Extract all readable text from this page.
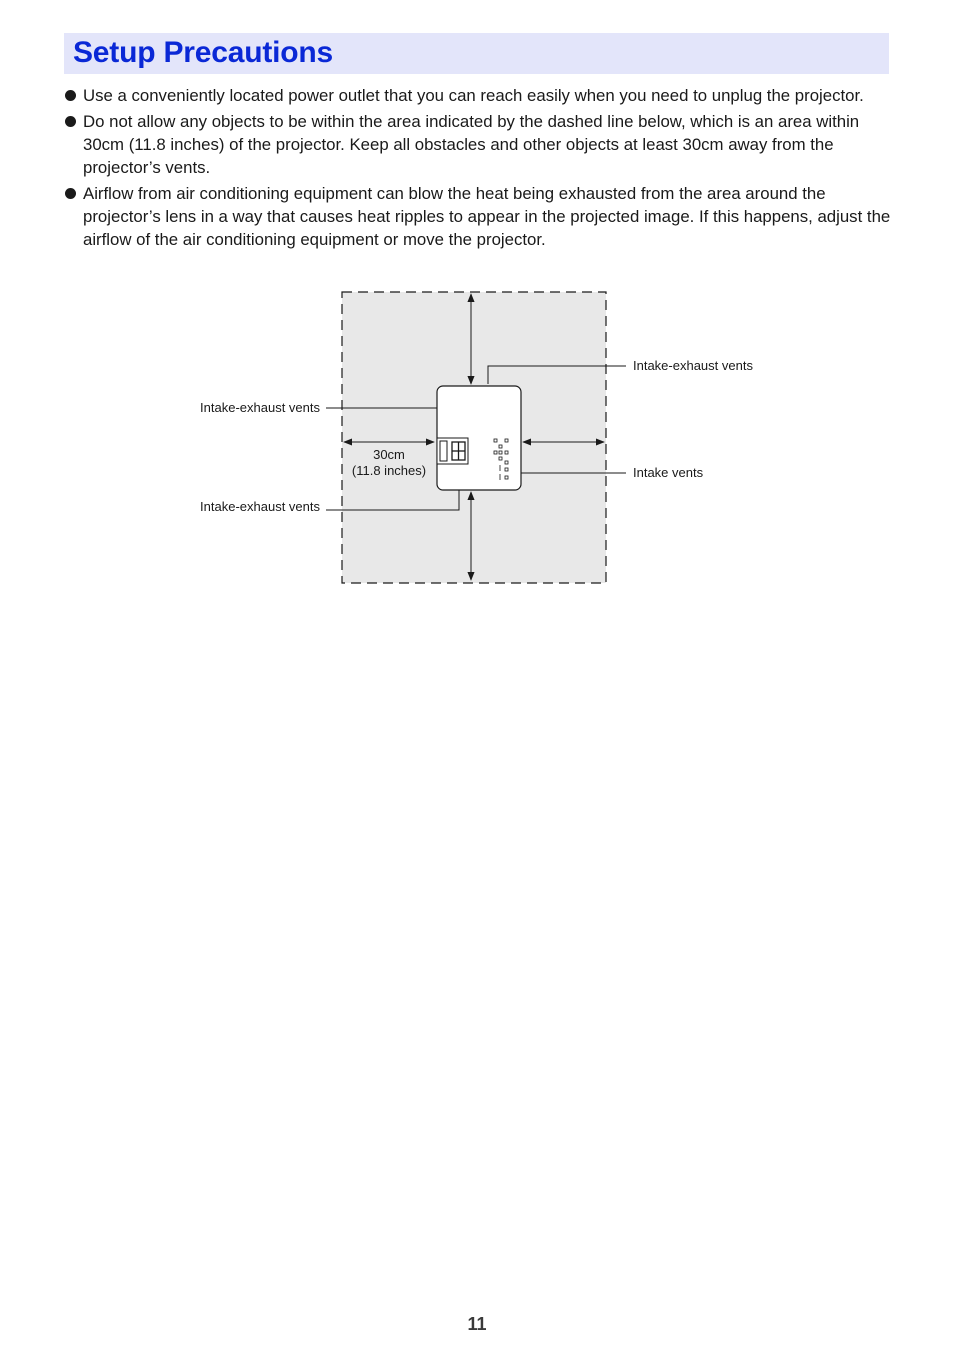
Setup Precautions
Use a conveniently located power outlet that you can reach easily when you need to unplug the projector.
Do not allow any objects to be within the area indicated by the dashed line below, which is an area within 30cm (11.8 inches) of the projector. Keep all obstacles and other objects at least 30cm away from the projector’s vents.
Airflow from air conditioning equipment can blow the heat being exhausted from the area around the projector’s lens in a way that causes heat ripples to appear in the projected image. If this happens, adjust the airflow of the air conditioning equipment or move the projector.
Intake-exhaust vents
Intake-exhaust vents
Intake-exhaust vents
Intake vents
30cm
(11.8 inches)
11
